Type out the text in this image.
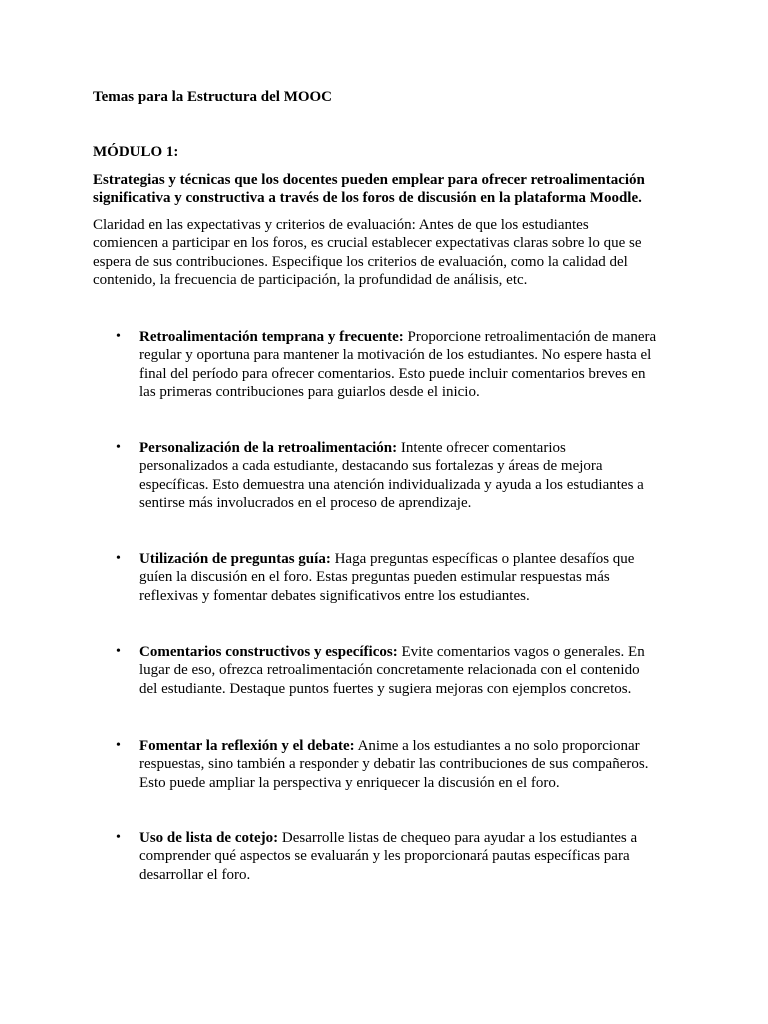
Temas para la Estructura del MOOC
MÓDULO 1:
Estrategias y técnicas que los docentes pueden emplear para ofrecer retroalimentación
significativa y constructiva a través de los foros de discusión en la plataforma Moodle.
Claridad en las expectativas y criterios de evaluación: Antes de que los estudiantes
comiencen a participar en los foros, es crucial establecer expectativas claras sobre lo que se
espera de sus contribuciones. Especifique los criterios de evaluación, como la calidad del
contenido, la frecuencia de participación, la profundidad de análisis, etc.
• Retroalimentación temprana y frecuente: Proporcione retroalimentación de manera
regular y oportuna para mantener la motivación de los estudiantes. No espere hasta el
final del período para ofrecer comentarios. Esto puede incluir comentarios breves en
las primeras contribuciones para guiarlos desde el inicio.
• Personalización de la retroalimentación: Intente ofrecer comentarios
personalizados a cada estudiante, destacando sus fortalezas y áreas de mejora
específicas. Esto demuestra una atención individualizada y ayuda a los estudiantes a
sentirse más involucrados en el proceso de aprendizaje.
• Utilización de preguntas guía: Haga preguntas específicas o plantee desafíos que
guíen la discusión en el foro. Estas preguntas pueden estimular respuestas más
reflexivas y fomentar debates significativos entre los estudiantes.
• Comentarios constructivos y específicos: Evite comentarios vagos o generales. En
lugar de eso, ofrezca retroalimentación concretamente relacionada con el contenido
del estudiante. Destaque puntos fuertes y sugiera mejoras con ejemplos concretos.
• Fomentar la reflexión y el debate: Anime a los estudiantes a no solo proporcionar
respuestas, sino también a responder y debatir las contribuciones de sus compañeros.
Esto puede ampliar la perspectiva y enriquecer la discusión en el foro.
• Uso de lista de cotejo: Desarrolle listas de chequeo para ayudar a los estudiantes a
comprender qué aspectos se evaluarán y les proporcionará pautas específicas para
desarrollar el foro.
